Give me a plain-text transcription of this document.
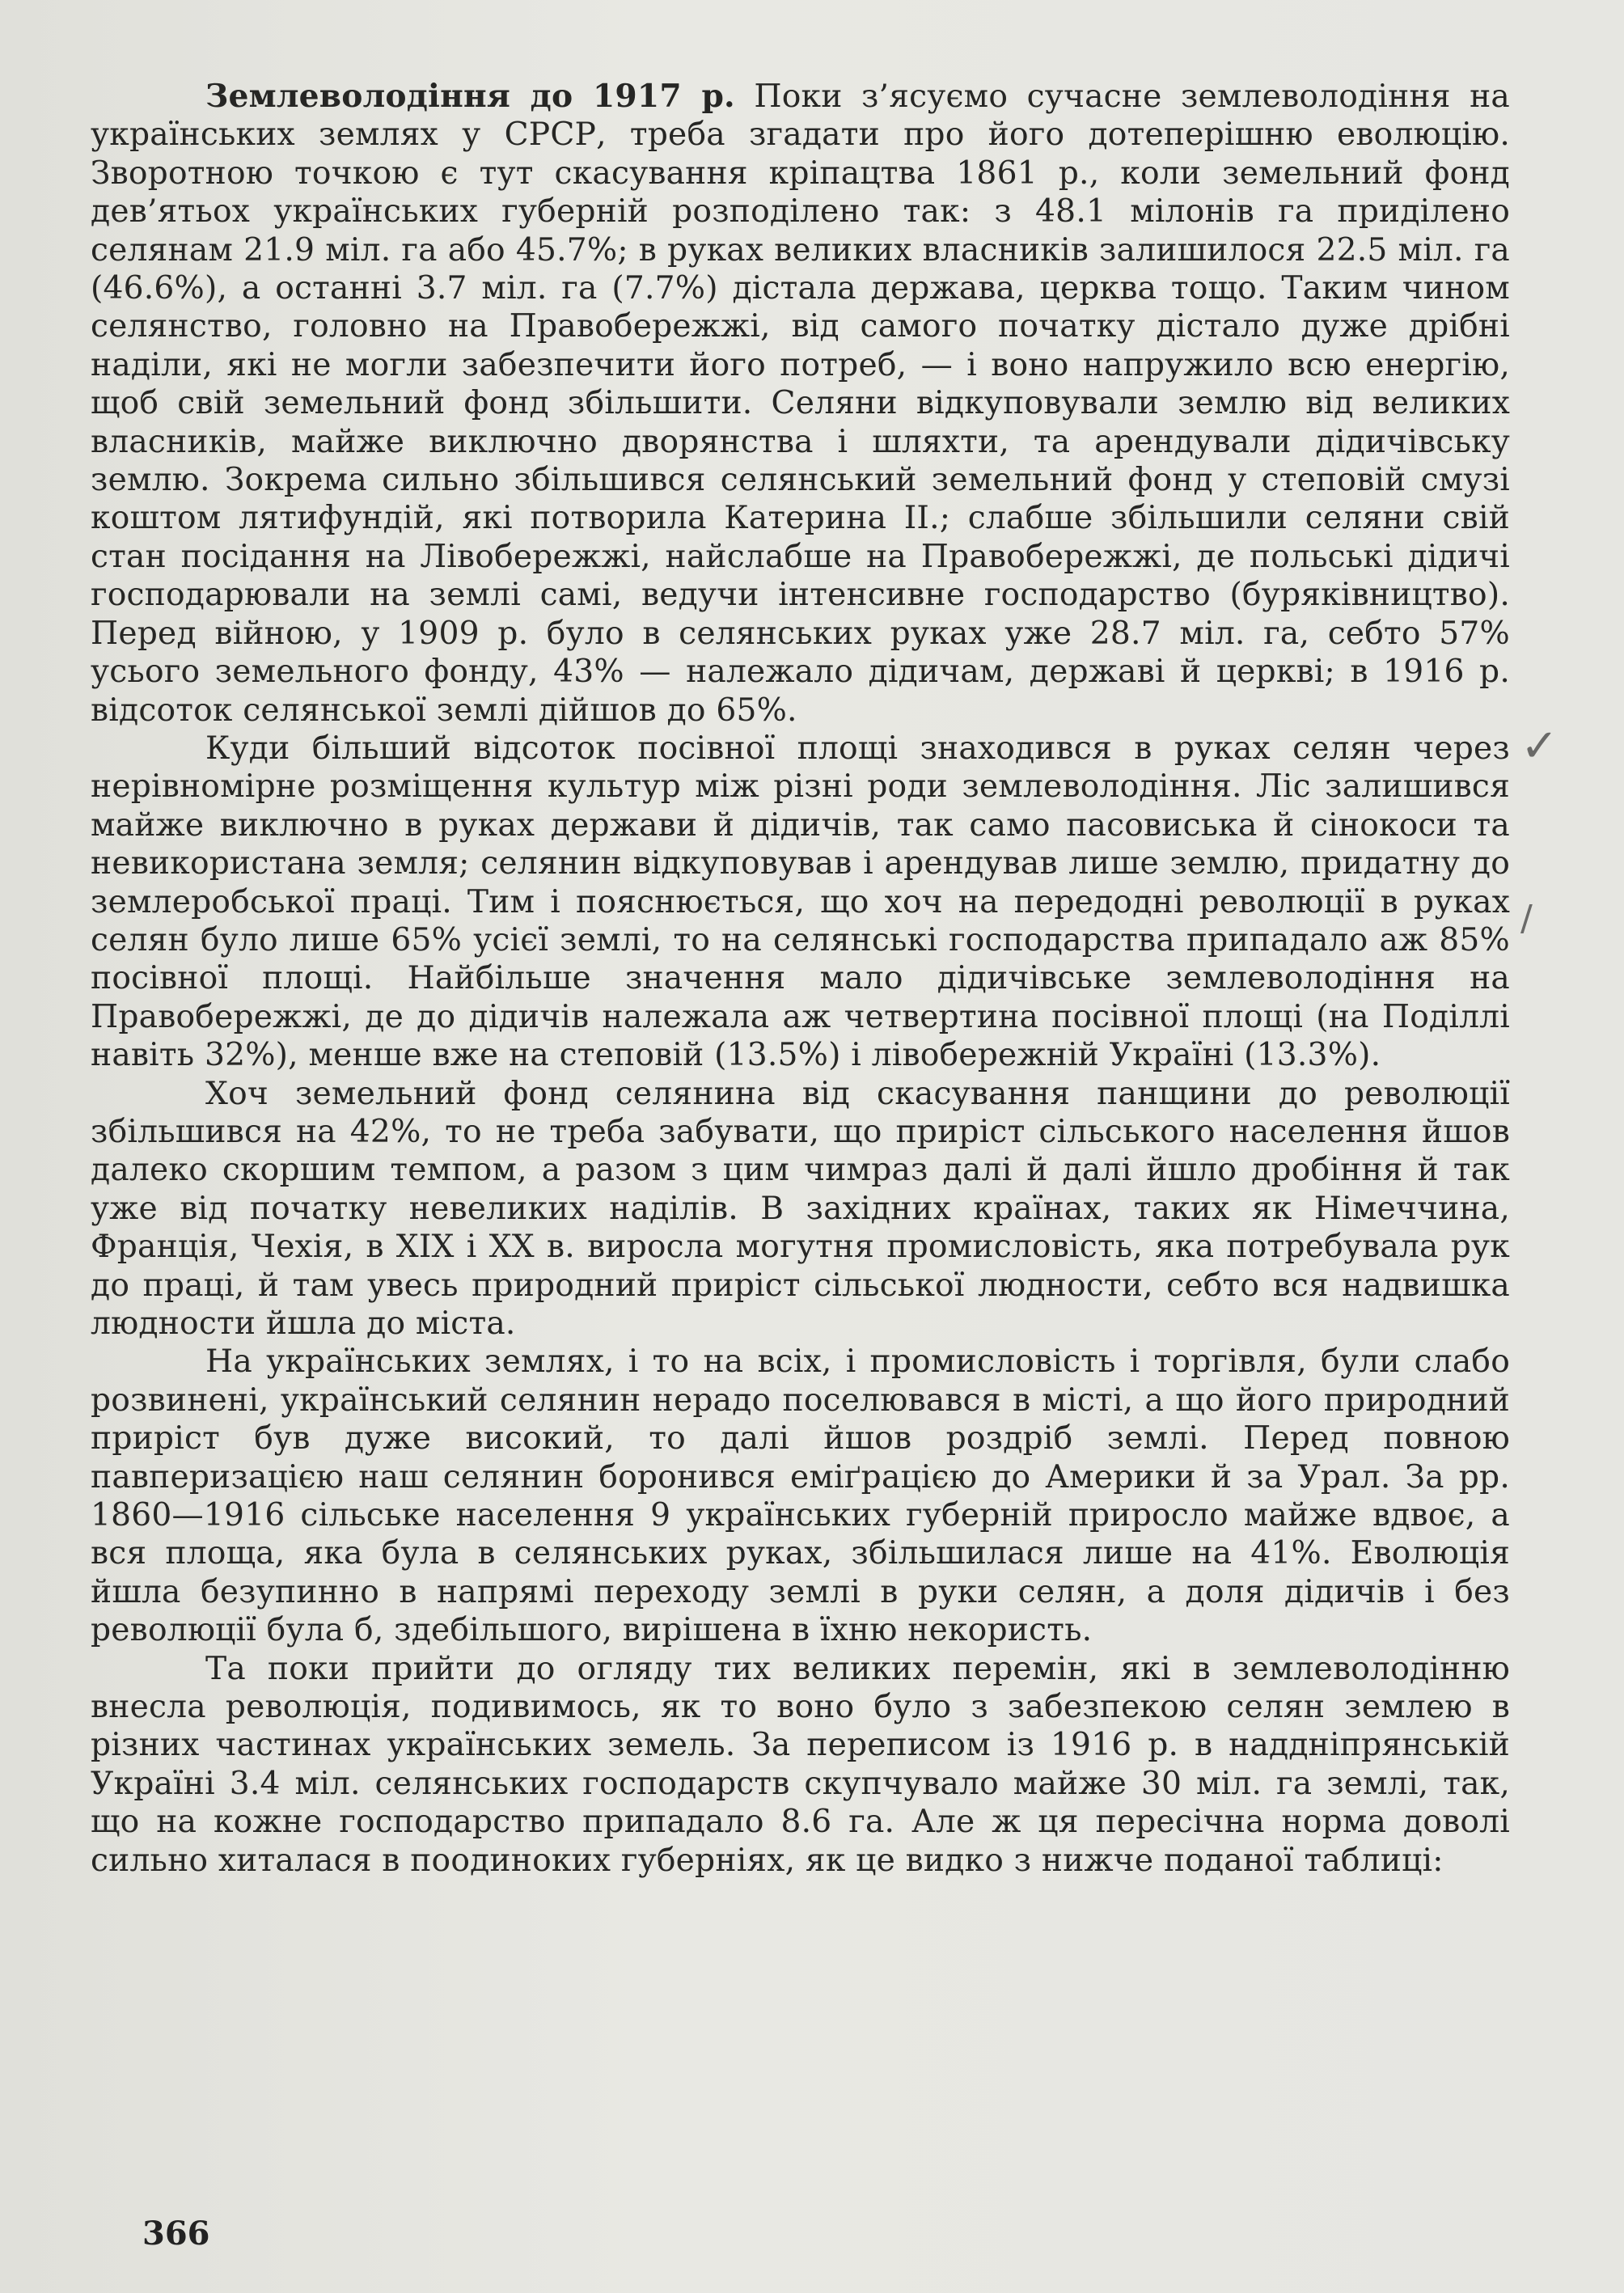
Землеволодіння до 1917 р. Поки з’ясуємо сучасне землеволодіння на українських землях у СРСР, треба згадати про його дотеперішню еволюцію. Зворотною точкою є тут скасування кріпацтва 1861 р., коли земельний фонд дев’ятьох українських губерній розподілено так: з 48.1 мілонів га приділено селянам 21.9 міл. га або 45.7%; в руках великих власників залишилося 22.5 міл. га (46.6%), а останні 3.7 міл. га (7.7%) дістала держава, церква тощо. Таким чином селянство, головно на Правобережжі, від самого початку дістало дуже дрібні наділи, які не могли забезпечити його потреб, — і воно напружило всю енергію, щоб свій земельний фонд збільшити. Селяни відкуповували землю від великих власників, майже виключно дворянства і шляхти, та арендували дідичівську землю. Зокрема сильно збільшився селянський земельний фонд у степовій смузі коштом лятифундій, які потворила Катерина II.; слабше збільшили селяни свій стан посідання на Лівобережжі, найслабше на Правобережжі, де польські дідичі господарювали на землі самі, ведучи інтенсивне господарство (буряківництво). Перед війною, у 1909 р. було в селянських руках уже 28.7 міл. га, себто 57% усього земельного фонду, 43% — належало дідичам, державі й церкві; в 1916 р. відсоток селянської землі дійшов до 65%.

Куди більший відсоток посівної площі знаходився в руках селян через нерівномірне розміщення культур між різні роди землеволодіння. Ліс залишився майже виключно в руках держави й дідичів, так само пасовиська й сінокоси та невикористана земля; селянин відкуповував і арендував лише землю, придатну до землеробської праці. Тим і пояснюється, що хоч на передодні революції в руках селян було лише 65% усієї землі, то на селянські господарства припадало аж 85% посівної площі. Найбільше значення мало дідичівське землеволодіння на Правобережжі, де до дідичів належала аж четвертина посівної площі (на Поділлі навіть 32%), менше вже на степовій (13.5%) і лівобережній Україні (13.3%).

Хоч земельний фонд селянина від скасування панщини до революції збільшився на 42%, то не треба забувати, що приріст сільського населення йшов далеко скоршим темпом, а разом з цим чимраз далі й далі йшло дробіння й так уже від початку невеликих наділів. В західних країнах, таких як Німеччина, Франція, Чехія, в XIX і XX в. виросла могутня промисловість, яка потребувала рук до праці, й там увесь природний приріст сільської людности, себто вся надвишка людности йшла до міста.

На українських землях, і то на всіх, і промисловість і торгівля, були слабо розвинені, український селянин нерадо поселювався в місті, а що його природний приріст був дуже високий, то далі йшов роздріб землі. Перед повною павперизацією наш селянин боронився еміґрацією до Америки й за Урал. За рр. 1860—1916 сільське населення 9 українських губерній приросло майже вдвоє, а вся площа, яка була в селянських руках, збільшилася лише на 41%. Еволюція йшла безупинно в напрямі переходу землі в руки селян, а доля дідичів і без революції була б, здебільшого, вирішена в їхню некористь.

Та поки прийти до огляду тих великих перемін, які в землеволодінню внесла революція, подивимось, як то воно було з забезпекою селян землею в різних частинах українських земель. За переписом із 1916 р. в наддніпрянській Україні 3.4 міл. селянських господарств скупчувало майже 30 міл. га землі, так, що на кожне господарство припадало 8.6 га. Але ж ця пересічна норма доволі сильно хиталася в поодиноких губерніях, як це видко з нижче поданої таблиці:

✓
/
366
